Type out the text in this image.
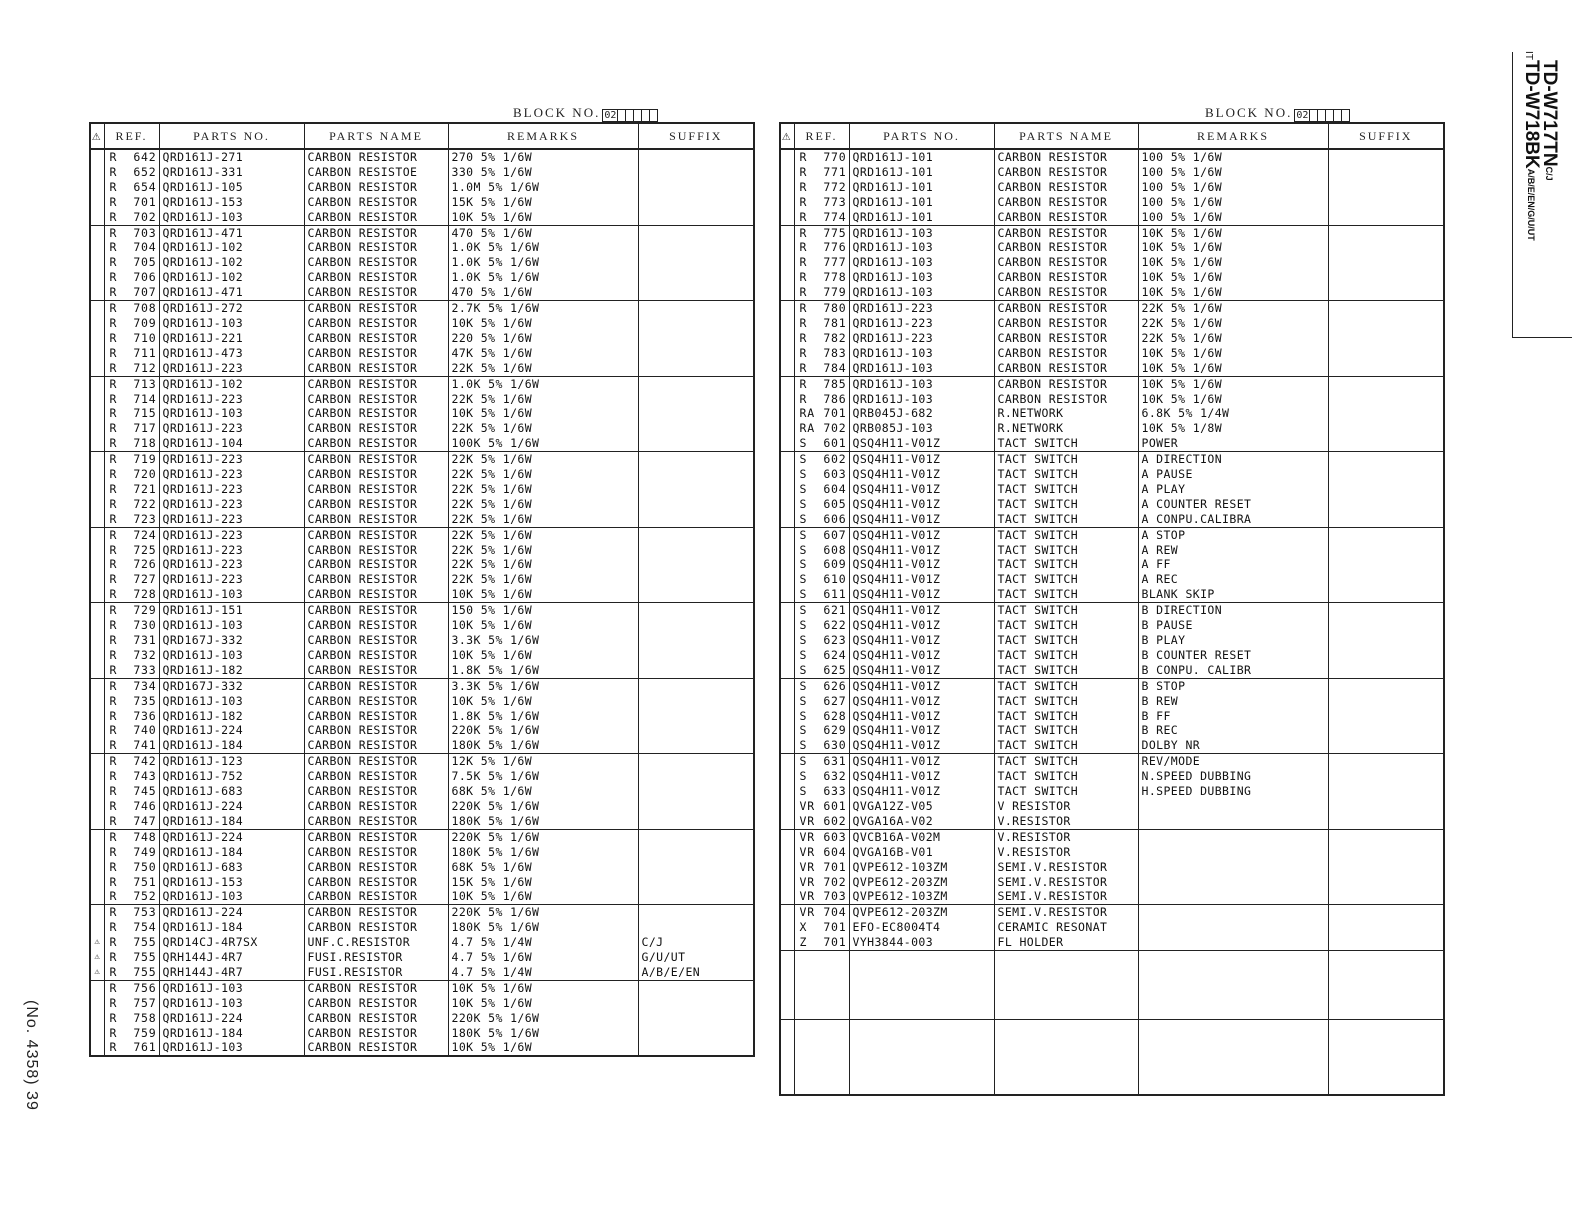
BLOCK NO. 02	BLOCK NO. 02
⚠	REF.	PARTS NO.	PARTS NAME	REMARKS	SUFFIX

	R 642	QRD161J-271	CARBON RESISTOR	270 5% 1/6W	

	R 652	QRD161J-331	CARBON RESISTOE	330 5% 1/6W	

	R 654	QRD161J-105	CARBON RESISTOR	1.0M 5% 1/6W	

	R 701	QRD161J-153	CARBON RESISTOR	15K 5% 1/6W	

	R 702	QRD161J-103	CARBON RESISTOR	10K 5% 1/6W	

	R 703	QRD161J-471	CARBON RESISTOR	470 5% 1/6W	

	R 704	QRD161J-102	CARBON RESISTOR	1.0K 5% 1/6W	

	R 705	QRD161J-102	CARBON RESISTOR	1.0K 5% 1/6W	

	R 706	QRD161J-102	CARBON RESISTOR	1.0K 5% 1/6W	

	R 707	QRD161J-471	CARBON RESISTOR	470 5% 1/6W	

	R 708	QRD161J-272	CARBON RESISTOR	2.7K 5% 1/6W	

	R 709	QRD161J-103	CARBON RESISTOR	10K 5% 1/6W	

	R 710	QRD161J-221	CARBON RESISTOR	220 5% 1/6W	

	R 711	QRD161J-473	CARBON RESISTOR	47K 5% 1/6W	

	R 712	QRD161J-223	CARBON RESISTOR	22K 5% 1/6W	

	R 713	QRD161J-102	CARBON RESISTOR	1.0K 5% 1/6W	

	R 714	QRD161J-223	CARBON RESISTOR	22K 5% 1/6W	

	R 715	QRD161J-103	CARBON RESISTOR	10K 5% 1/6W	

	R 717	QRD161J-223	CARBON RESISTOR	22K 5% 1/6W	

	R 718	QRD161J-104	CARBON RESISTOR	100K 5% 1/6W	

	R 719	QRD161J-223	CARBON RESISTOR	22K 5% 1/6W	

	R 720	QRD161J-223	CARBON RESISTOR	22K 5% 1/6W	

	R 721	QRD161J-223	CARBON RESISTOR	22K 5% 1/6W	

	R 722	QRD161J-223	CARBON RESISTOR	22K 5% 1/6W	

	R 723	QRD161J-223	CARBON RESISTOR	22K 5% 1/6W	

	R 724	QRD161J-223	CARBON RESISTOR	22K 5% 1/6W	

	R 725	QRD161J-223	CARBON RESISTOR	22K 5% 1/6W	

	R 726	QRD161J-223	CARBON RESISTOR	22K 5% 1/6W	

	R 727	QRD161J-223	CARBON RESISTOR	22K 5% 1/6W	

	R 728	QRD161J-103	CARBON RESISTOR	10K 5% 1/6W	

	R 729	QRD161J-151	CARBON RESISTOR	150 5% 1/6W	

	R 730	QRD161J-103	CARBON RESISTOR	10K 5% 1/6W	

	R 731	QRD167J-332	CARBON RESISTOR	3.3K 5% 1/6W	

	R 732	QRD161J-103	CARBON RESISTOR	10K 5% 1/6W	

	R 733	QRD161J-182	CARBON RESISTOR	1.8K 5% 1/6W	

	R 734	QRD167J-332	CARBON RESISTOR	3.3K 5% 1/6W	

	R 735	QRD161J-103	CARBON RESISTOR	10K 5% 1/6W	

	R 736	QRD161J-182	CARBON RESISTOR	1.8K 5% 1/6W	

	R 740	QRD161J-224	CARBON RESISTOR	220K 5% 1/6W	

	R 741	QRD161J-184	CARBON RESISTOR	180K 5% 1/6W	

	R 742	QRD161J-123	CARBON RESISTOR	12K 5% 1/6W	

	R 743	QRD161J-752	CARBON RESISTOR	7.5K 5% 1/6W	

	R 745	QRD161J-683	CARBON RESISTOR	68K 5% 1/6W	

	R 746	QRD161J-224	CARBON RESISTOR	220K 5% 1/6W	

	R 747	QRD161J-184	CARBON RESISTOR	180K 5% 1/6W	

	R 748	QRD161J-224	CARBON RESISTOR	220K 5% 1/6W	

	R 749	QRD161J-184	CARBON RESISTOR	180K 5% 1/6W	

	R 750	QRD161J-683	CARBON RESISTOR	68K 5% 1/6W	

	R 751	QRD161J-153	CARBON RESISTOR	15K 5% 1/6W	

	R 752	QRD161J-103	CARBON RESISTOR	10K 5% 1/6W	

	R 753	QRD161J-224	CARBON RESISTOR	220K 5% 1/6W	

	R 754	QRD161J-184	CARBON RESISTOR	180K 5% 1/6W	
⚠	R 755	QRD14CJ-4R7SX	UNF.C.RESISTOR	4.7 5% 1/4W	C/J
⚠	R 755	QRH144J-4R7	FUSI.RESISTOR	4.7 5% 1/6W	G/U/UT
⚠	R 755	QRH144J-4R7	FUSI.RESISTOR	4.7 5% 1/4W	A/B/E/EN

	R 756	QRD161J-103	CARBON RESISTOR	10K 5% 1/6W	

	R 757	QRD161J-103	CARBON RESISTOR	10K 5% 1/6W	

	R 758	QRD161J-224	CARBON RESISTOR	220K 5% 1/6W	

	R 759	QRD161J-184	CARBON RESISTOR	180K 5% 1/6W	

	R 761	QRD161J-103	CARBON RESISTOR	10K 5% 1/6W	
⚠	REF.	PARTS NO.	PARTS NAME	REMARKS	SUFFIX

	R 770	QRD161J-101	CARBON RESISTOR	100 5% 1/6W	

	R 771	QRD161J-101	CARBON RESISTOR	100 5% 1/6W	

	R 772	QRD161J-101	CARBON RESISTOR	100 5% 1/6W	

	R 773	QRD161J-101	CARBON RESISTOR	100 5% 1/6W	

	R 774	QRD161J-101	CARBON RESISTOR	100 5% 1/6W	

	R 775	QRD161J-103	CARBON RESISTOR	10K 5% 1/6W	

	R 776	QRD161J-103	CARBON RESISTOR	10K 5% 1/6W	

	R 777	QRD161J-103	CARBON RESISTOR	10K 5% 1/6W	

	R 778	QRD161J-103	CARBON RESISTOR	10K 5% 1/6W	

	R 779	QRD161J-103	CARBON RESISTOR	10K 5% 1/6W	

	R 780	QRD161J-223	CARBON RESISTOR	22K 5% 1/6W	

	R 781	QRD161J-223	CARBON RESISTOR	22K 5% 1/6W	

	R 782	QRD161J-223	CARBON RESISTOR	22K 5% 1/6W	

	R 783	QRD161J-103	CARBON RESISTOR	10K 5% 1/6W	

	R 784	QRD161J-103	CARBON RESISTOR	10K 5% 1/6W	

	R 785	QRD161J-103	CARBON RESISTOR	10K 5% 1/6W	

	R 786	QRD161J-103	CARBON RESISTOR	10K 5% 1/6W	

	RA 701	QRB045J-682	R.NETWORK	6.8K 5% 1/4W	

	RA 702	QRB085J-103	R.NETWORK	10K 5% 1/8W	

	S 601	QSQ4H11-V01Z	TACT SWITCH	POWER	

	S 602	QSQ4H11-V01Z	TACT SWITCH	A DIRECTION	

	S 603	QSQ4H11-V01Z	TACT SWITCH	A PAUSE	

	S 604	QSQ4H11-V01Z	TACT SWITCH	A PLAY	

	S 605	QSQ4H11-V01Z	TACT SWITCH	A COUNTER RESET	

	S 606	QSQ4H11-V01Z	TACT SWITCH	A CONPU.CALIBRA	

	S 607	QSQ4H11-V01Z	TACT SWITCH	A STOP	

	S 608	QSQ4H11-V01Z	TACT SWITCH	A REW	

	S 609	QSQ4H11-V01Z	TACT SWITCH	A FF	

	S 610	QSQ4H11-V01Z	TACT SWITCH	A REC	

	S 611	QSQ4H11-V01Z	TACT SWITCH	BLANK SKIP	

	S 621	QSQ4H11-V01Z	TACT SWITCH	B DIRECTION	

	S 622	QSQ4H11-V01Z	TACT SWITCH	B PAUSE	

	S 623	QSQ4H11-V01Z	TACT SWITCH	B PLAY	

	S 624	QSQ4H11-V01Z	TACT SWITCH	B COUNTER RESET	

	S 625	QSQ4H11-V01Z	TACT SWITCH	B CONPU. CALIBR	

	S 626	QSQ4H11-V01Z	TACT SWITCH	B STOP	

	S 627	QSQ4H11-V01Z	TACT SWITCH	B REW	

	S 628	QSQ4H11-V01Z	TACT SWITCH	B FF	

	S 629	QSQ4H11-V01Z	TACT SWITCH	B REC	

	S 630	QSQ4H11-V01Z	TACT SWITCH	DOLBY NR	

	S 631	QSQ4H11-V01Z	TACT SWITCH	REV/MODE	

	S 632	QSQ4H11-V01Z	TACT SWITCH	N.SPEED DUBBING	

	S 633	QSQ4H11-V01Z	TACT SWITCH	H.SPEED DUBBING	

	VR 601	QVGA12Z-V05	V RESISTOR		

	VR 602	QVGA16A-V02	V.RESISTOR		

	VR 603	QVCB16A-V02M	V.RESISTOR		

	VR 604	QVGA16B-V01	V.RESISTOR		

	VR 701	QVPE612-103ZM	SEMI.V.RESISTOR		

	VR 702	QVPE612-203ZM	SEMI.V.RESISTOR		

	VR 703	QVPE612-103ZM	SEMI.V.RESISTOR		

	VR 704	QVPE612-203ZM	SEMI.V.RESISTOR		

	X 701	EFO-EC8004T4	CERAMIC RESONAT		

	Z 701	VYH3844-003	FL HOLDER		

IT
TD-W717TNC/J
TD-W718BKA/B/E/EN/G/U/UT
(No. 4358) 39
